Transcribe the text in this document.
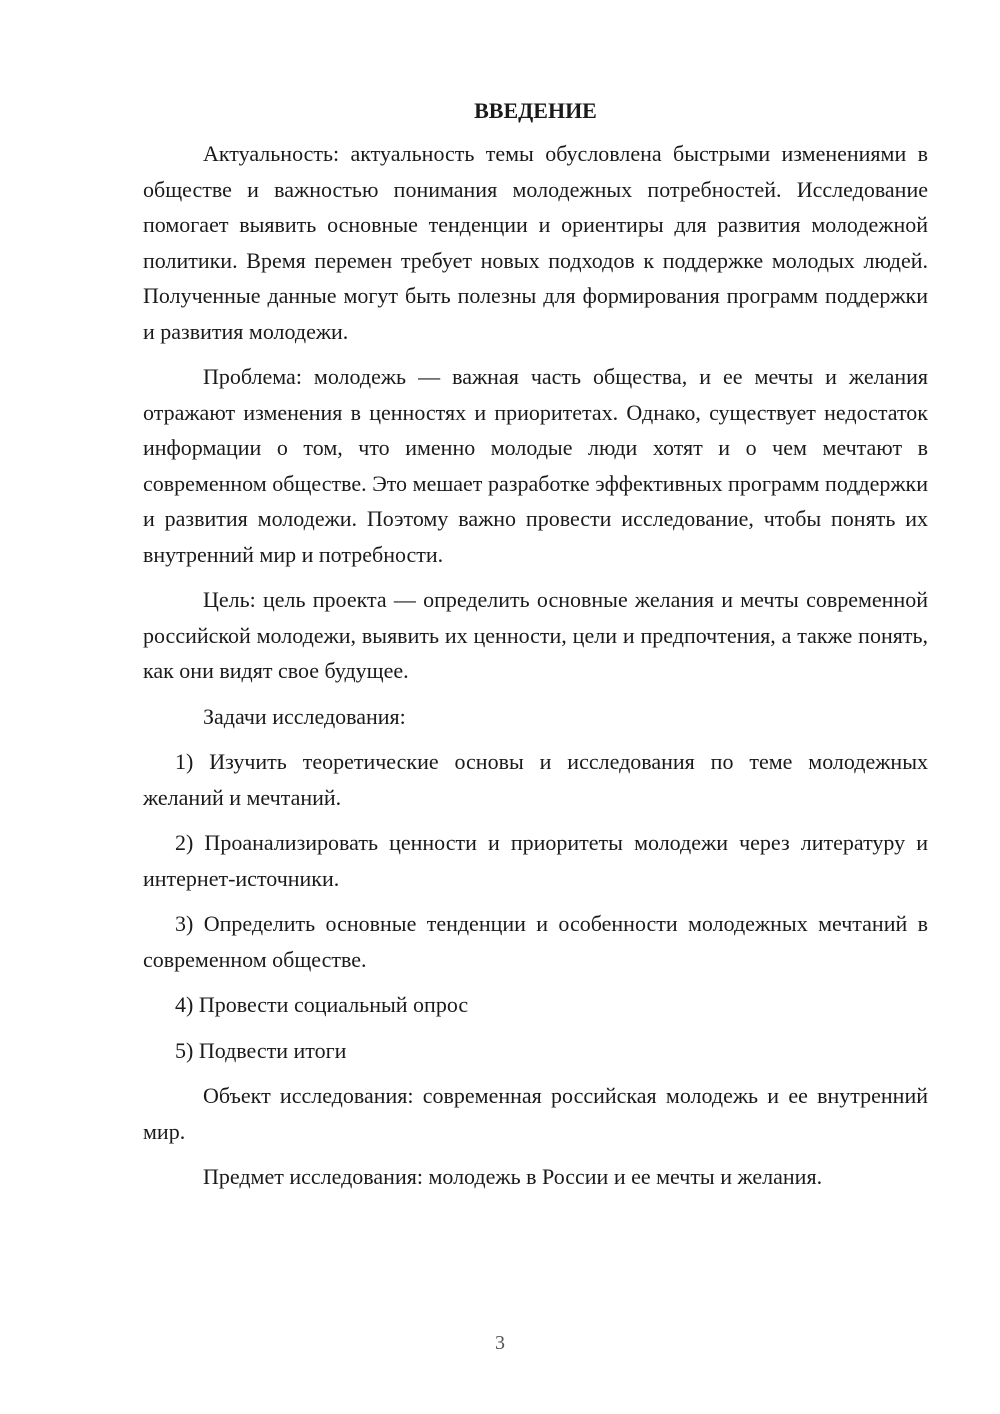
ВВЕДЕНИЕ

Актуальность: актуальность темы обусловлена быстрыми изменениями в обществе и важностью понимания молодежных потребностей. Исследование помогает выявить основные тенденции и ориентиры для развития молодежной политики. Время перемен требует новых подходов к поддержке молодых людей. Полученные данные могут быть полезны для формирования программ поддержки и развития молодежи.

Проблема: молодежь — важная часть общества, и ее мечты и желания отражают изменения в ценностях и приоритетах. Однако, существует недостаток информации о том, что именно молодые люди хотят и о чем мечтают в современном обществе. Это мешает разработке эффективных программ поддержки и развития молодежи. Поэтому важно провести исследование, чтобы понять их внутренний мир и потребности.

Цель: цель проекта — определить основные желания и мечты современной российской молодежи, выявить их ценности, цели и предпочтения, а также понять, как они видят свое будущее.

Задачи исследования:

1) Изучить теоретические основы и исследования по теме молодежных желаний и мечтаний.

2) Проанализировать ценности и приоритеты молодежи через литературу и интернет-источники.

3) Определить основные тенденции и особенности молодежных мечтаний в современном обществе.

4) Провести социальный опрос

5) Подвести итоги

Объект исследования: современная российская молодежь и ее внутренний мир.

Предмет исследования: молодежь в России и ее мечты и желания.

3
